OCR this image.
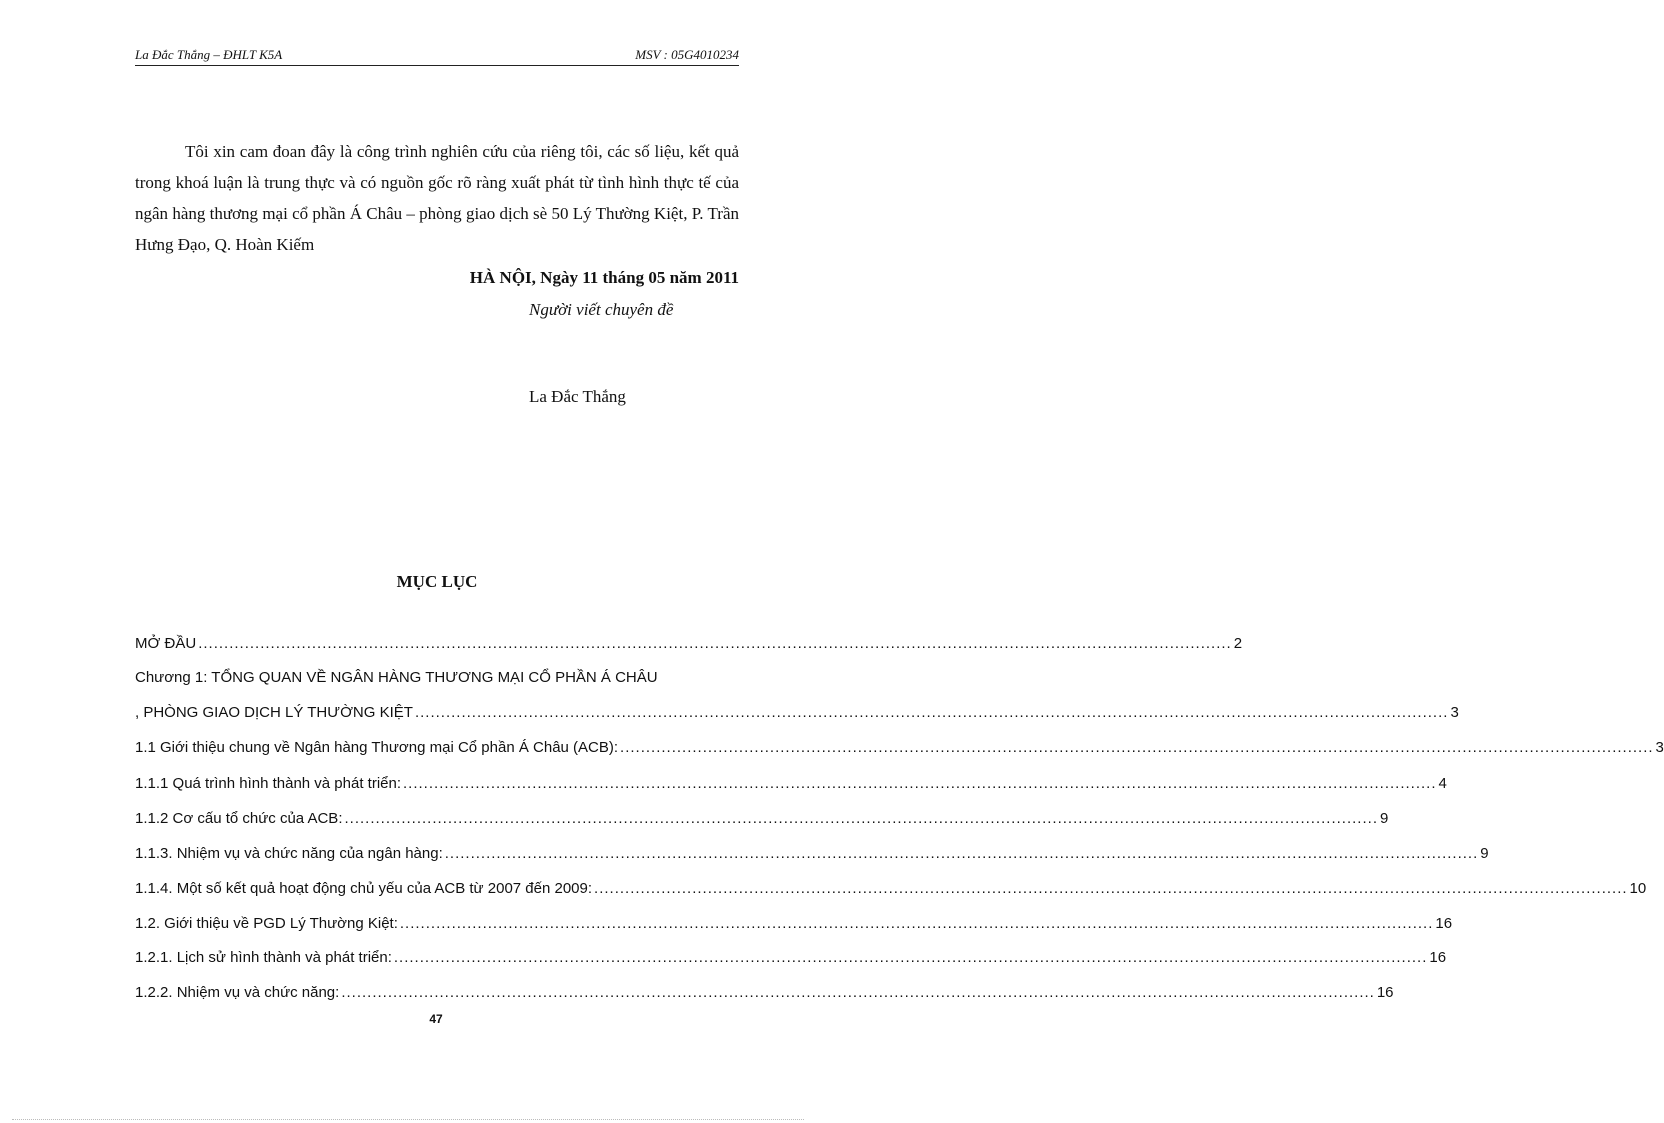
La Đắc Thắng – ĐHLT K5A	MSV : 05G4010234

Tôi xin cam đoan đây là công trình nghiên cứu của riêng tôi, các số liệu, kết quả trong khoá luận là trung thực và có nguồn gốc rõ ràng xuất phát từ tình hình thực tế của ngân hàng thương mại cổ phần Á Châu – phòng giao dịch sè 50 Lý Thường Kiệt, P. Trần Hưng Đạo, Q. Hoàn Kiếm

HÀ NỘI, Ngày 11 tháng 05 năm 2011
Người viết chuyên đề
La Đắc Thắng
MỤC LỤC
MỞ ĐẦU ........................................................................................................................................................................................................ 2
Chương 1: TỔNG QUAN VỀ NGÂN HÀNG THƯƠNG MẠI CỔ PHẦN Á CHÂU
, PHÒNG GIAO DỊCH LÝ THƯỜNG KIỆT ........................................................................................................................................................................................................ 3
1.1 Giới thiệu chung về Ngân hàng Thương mại Cổ phần Á Châu (ACB): ........................................................................................................................................................................................................ 3
1.1.1 Quá trình hình thành và phát triển: ........................................................................................................................................................................................................ 4
1.1.2 Cơ cấu tổ chức của ACB: ........................................................................................................................................................................................................ 9
1.1.3. Nhiệm vụ và chức năng của ngân hàng: ........................................................................................................................................................................................................ 9
1.1.4. Một số kết quả hoạt động chủ yếu của ACB từ 2007 đến 2009: ........................................................................................................................................................................................................ 10
1.2. Giới thiệu về PGD Lý Thường Kiệt: ........................................................................................................................................................................................................ 16
1.2.1. Lịch sử hình thành và phát triển: ........................................................................................................................................................................................................ 16
1.2.2. Nhiệm vụ và chức năng: ........................................................................................................................................................................................................ 16
47
